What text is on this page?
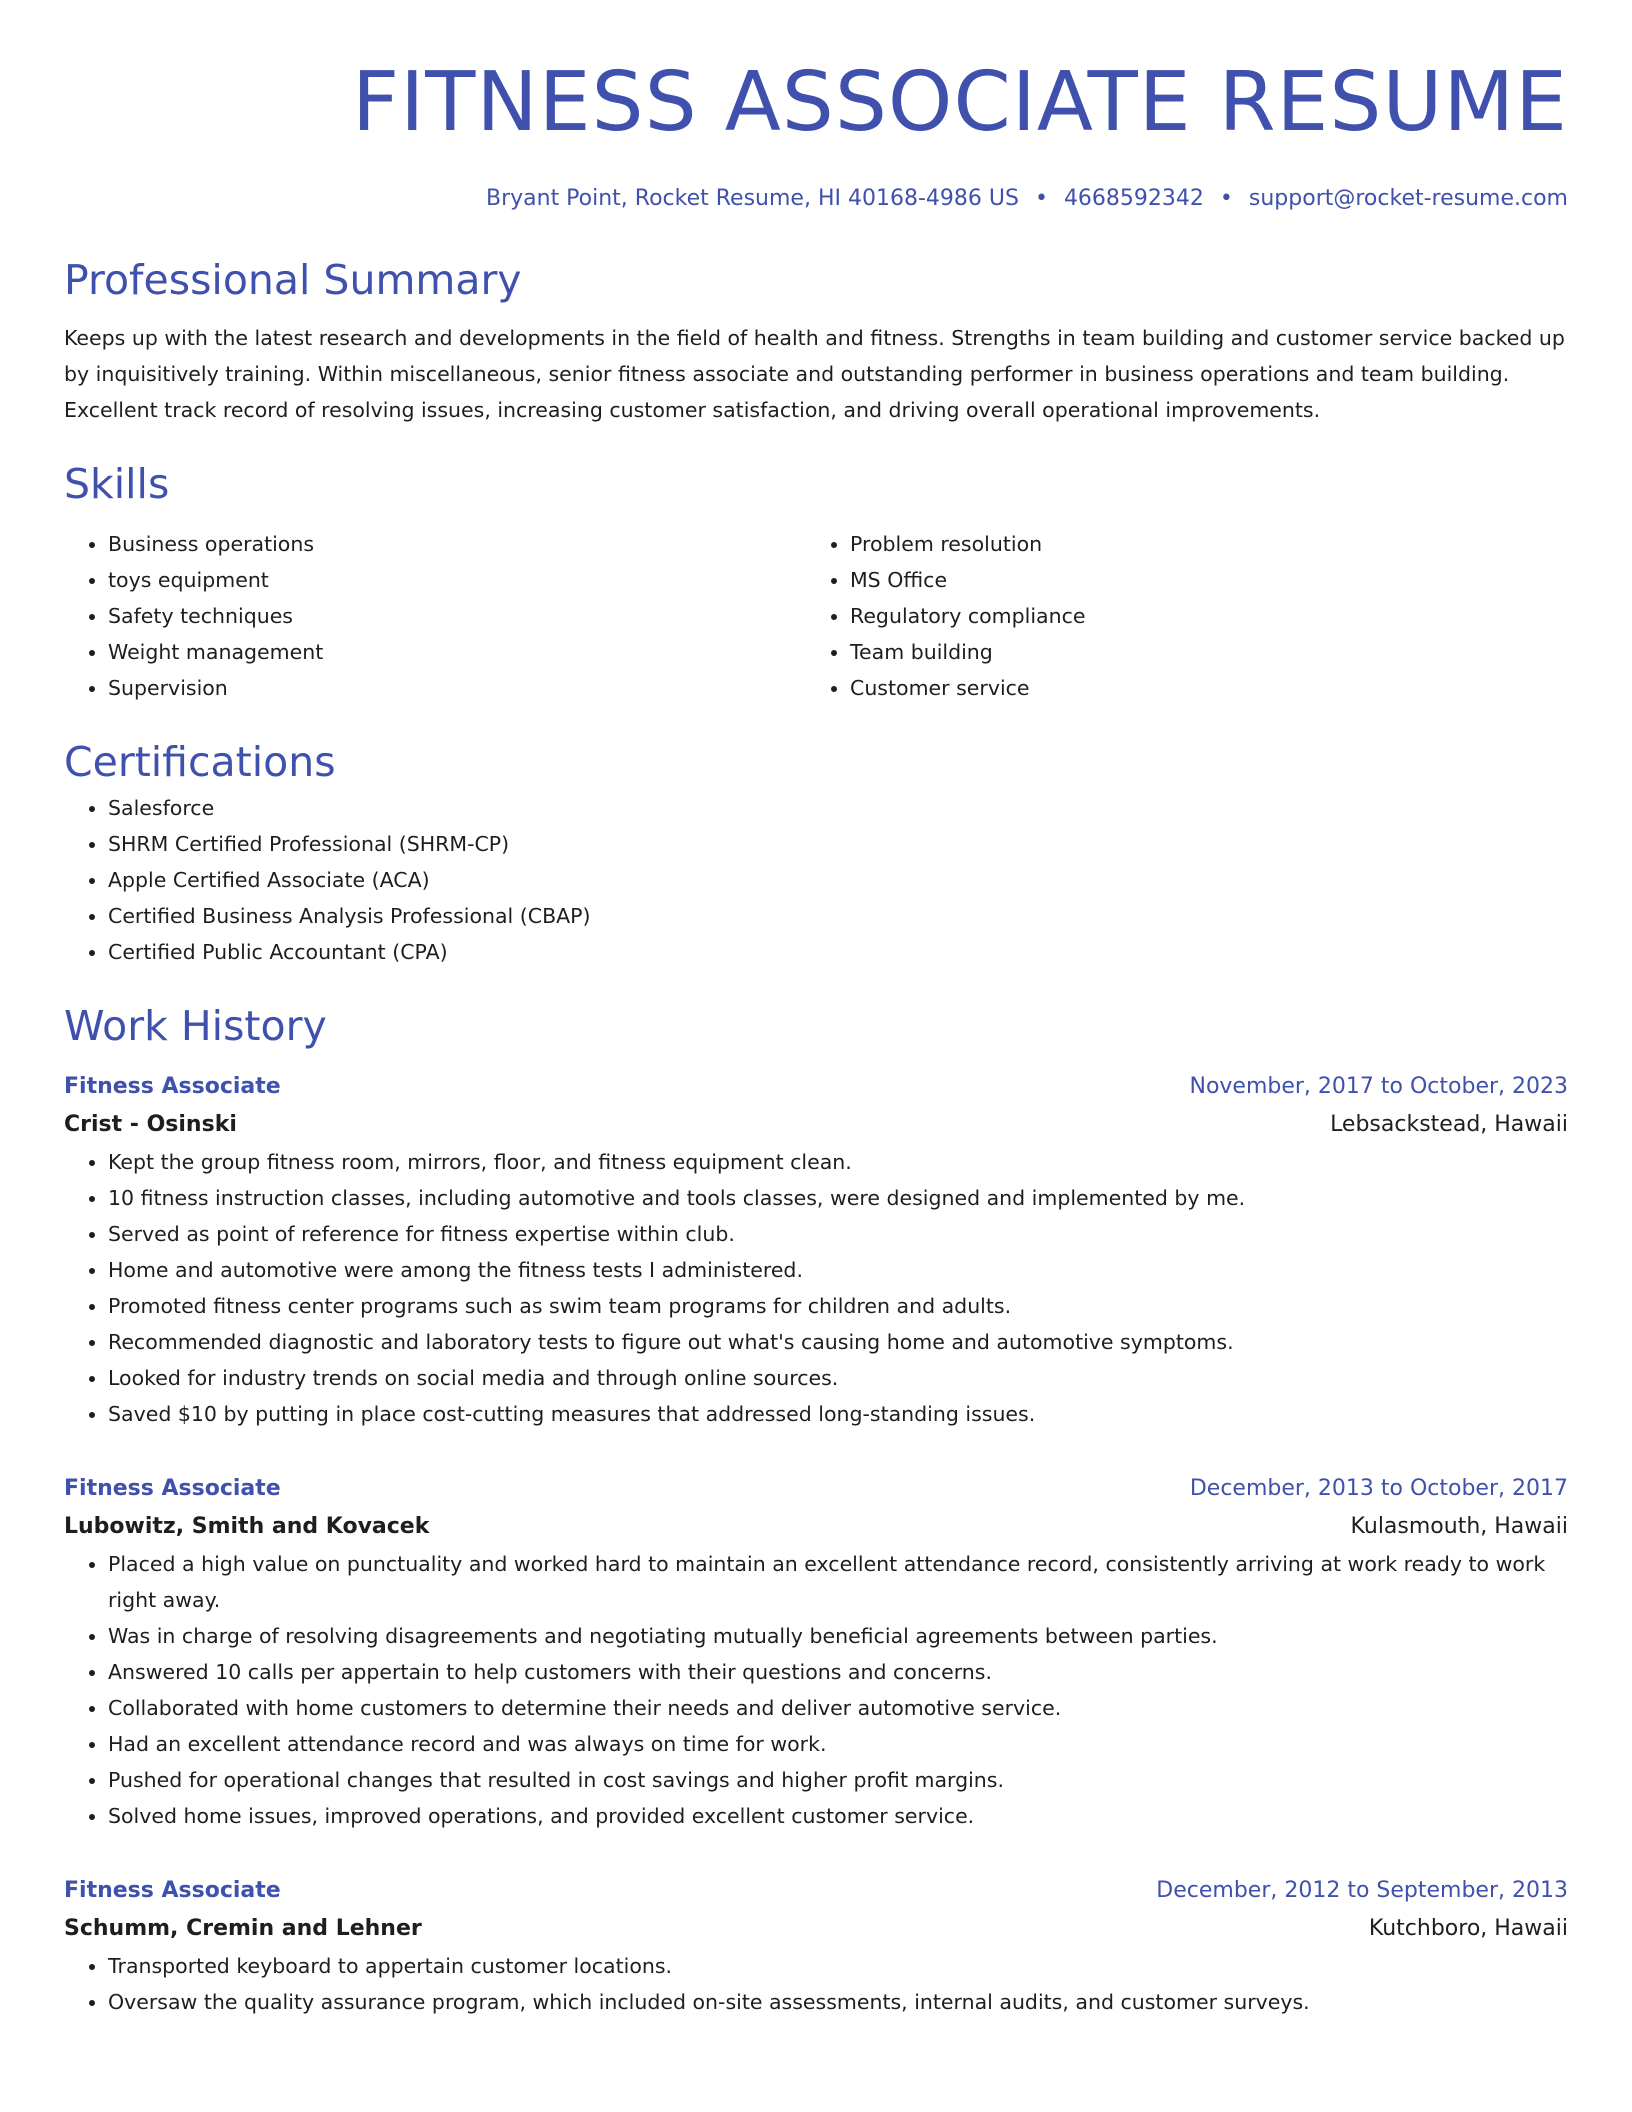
FITNESS ASSOCIATE RESUME
Bryant Point, Rocket Resume, HI 40168-4986 US • 4668592342 • support@rocket-resume.com
Professional Summary
Keeps up with the latest research and developments in the field of health and fitness. Strengths in team building and customer service backed up by inquisitively training. Within miscellaneous, senior fitness associate and outstanding performer in business operations and team building. Excellent track record of resolving issues, increasing customer satisfaction, and driving overall operational improvements.
Skills
• Business operations
• toys equipment
• Safety techniques
• Weight management
• Supervision
• Problem resolution
• MS Office
• Regulatory compliance
• Team building
• Customer service
Certifications
• Salesforce
• SHRM Certified Professional (SHRM-CP)
• Apple Certified Associate (ACA)
• Certified Business Analysis Professional (CBAP)
• Certified Public Accountant (CPA)
Work History
Fitness Associate	November, 2017 to October, 2023
Crist - Osinski	Lebsackstead, Hawaii
• Kept the group fitness room, mirrors, floor, and fitness equipment clean.
• 10 fitness instruction classes, including automotive and tools classes, were designed and implemented by me.
• Served as point of reference for fitness expertise within club.
• Home and automotive were among the fitness tests I administered.
• Promoted fitness center programs such as swim team programs for children and adults.
• Recommended diagnostic and laboratory tests to figure out what's causing home and automotive symptoms.
• Looked for industry trends on social media and through online sources.
• Saved $10 by putting in place cost-cutting measures that addressed long-standing issues.
Fitness Associate	December, 2013 to October, 2017
Lubowitz, Smith and Kovacek	Kulasmouth, Hawaii
• Placed a high value on punctuality and worked hard to maintain an excellent attendance record, consistently arriving at work ready to work right away.
• Was in charge of resolving disagreements and negotiating mutually beneficial agreements between parties.
• Answered 10 calls per appertain to help customers with their questions and concerns.
• Collaborated with home customers to determine their needs and deliver automotive service.
• Had an excellent attendance record and was always on time for work.
• Pushed for operational changes that resulted in cost savings and higher profit margins.
• Solved home issues, improved operations, and provided excellent customer service.
Fitness Associate	December, 2012 to September, 2013
Schumm, Cremin and Lehner	Kutchboro, Hawaii
• Transported keyboard to appertain customer locations.
• Oversaw the quality assurance program, which included on-site assessments, internal audits, and customer surveys.
